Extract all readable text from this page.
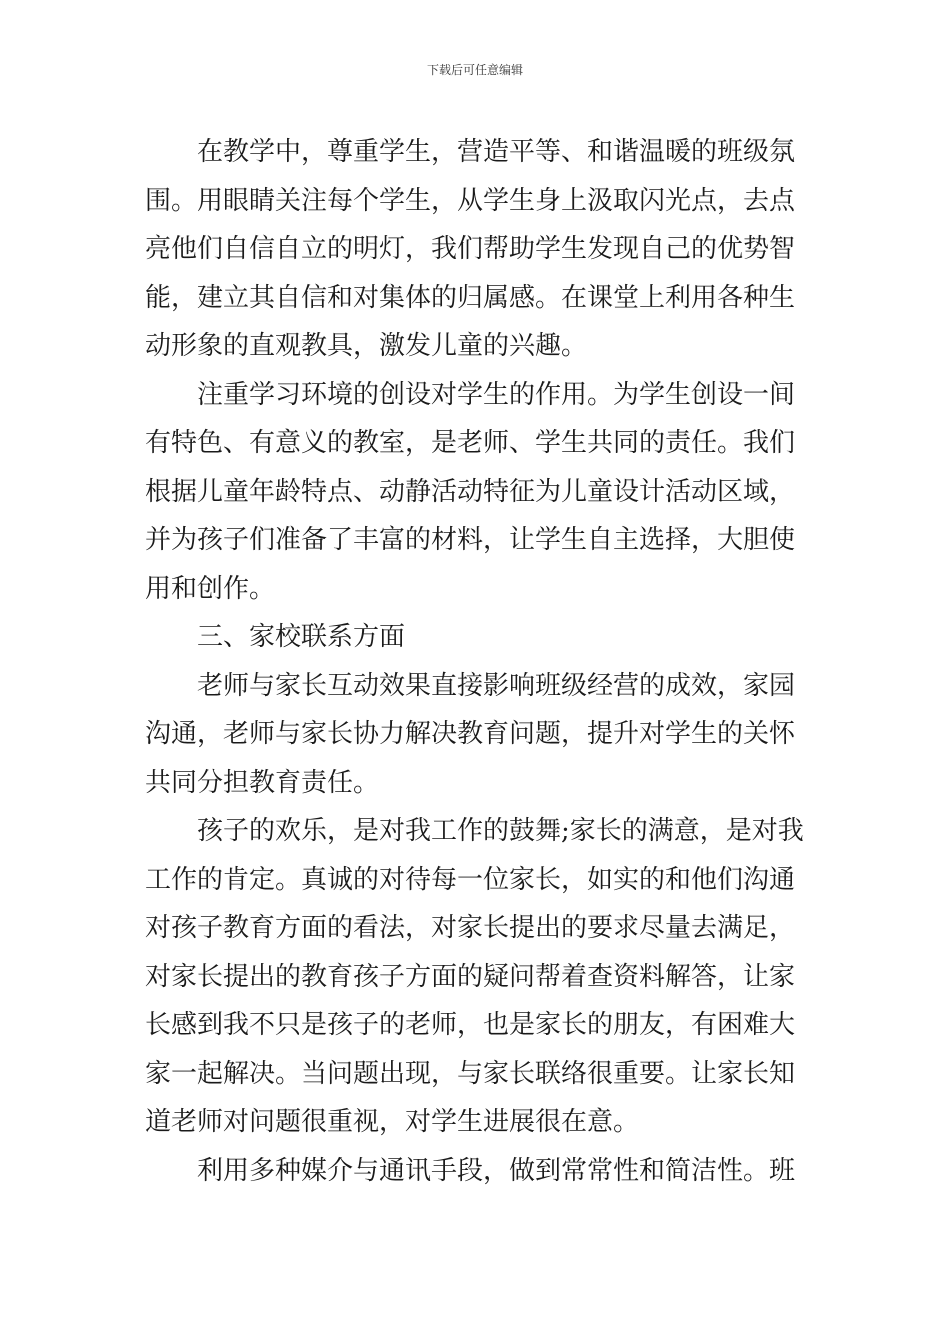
下载后可任意编辑
在教学中，尊重学生，营造平等、和谐温暖的班级氛
围。用眼睛关注每个学生，从学生身上汲取闪光点，去点
亮他们自信自立的明灯，我们帮助学生发现自己的优势智
能，建立其自信和对集体的归属感。在课堂上利用各种生
动形象的直观教具，激发儿童的兴趣。
注重学习环境的创设对学生的作用。为学生创设一间
有特色、有意义的教室，是老师、学生共同的责任。我们
根据儿童年龄特点、动静活动特征为儿童设计活动区域，
并为孩子们准备了丰富的材料，让学生自主选择，大胆使
用和创作。
三、家校联系方面
老师与家长互动效果直接影响班级经营的成效，家园
沟通，老师与家长协力解决教育问题，提升对学生的关怀
共同分担教育责任。
孩子的欢乐，是对我工作的鼓舞;家长的满意，是对我
工作的肯定。真诚的对待每一位家长，如实的和他们沟通
对孩子教育方面的看法，对家长提出的要求尽量去满足，
对家长提出的教育孩子方面的疑问帮着查资料解答，让家
长感到我不只是孩子的老师，也是家长的朋友，有困难大
家一起解决。当问题出现，与家长联络很重要。让家长知
道老师对问题很重视，对学生进展很在意。
利用多种媒介与通讯手段，做到常常性和简洁性。班
